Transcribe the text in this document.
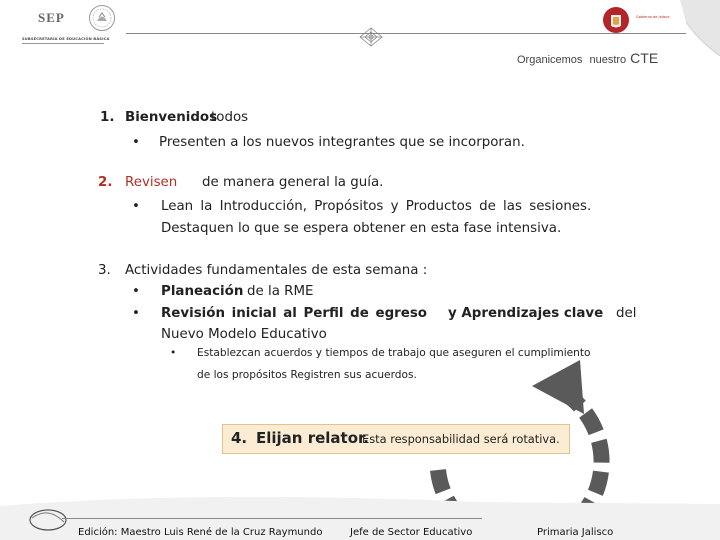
SEP
SUBSECRETARÍA DE EDUCACIÓN BÁSICA
Gobierno de Jalisco
Organicemos nuestro CTE
1. Bienvenidos
todos
• Presenten a los nuevos integrantes que se incorporan.
2. Revisen de manera general la guía.
• Lean la Introducción, Propósitos y Productos de las sesiones.
Destaquen lo que se espera obtener en esta fase intensiva.
3. Actividades fundamentales de esta semana :
• Planeación de la RME
• Revisión inicial al Perfil de egreso y Aprendizajes clave del
Nuevo Modelo Educativo
• Establezcan acuerdos y tiempos de trabajo que aseguren el cumplimiento
de los propósitos Registren sus acuerdos.
4. Elijan relator.
Esta responsabilidad será rotativa.
Edición: Maestro Luis René de la Cruz Raymundo	Jefe de Sector Educativo	Primaria Jalisco
